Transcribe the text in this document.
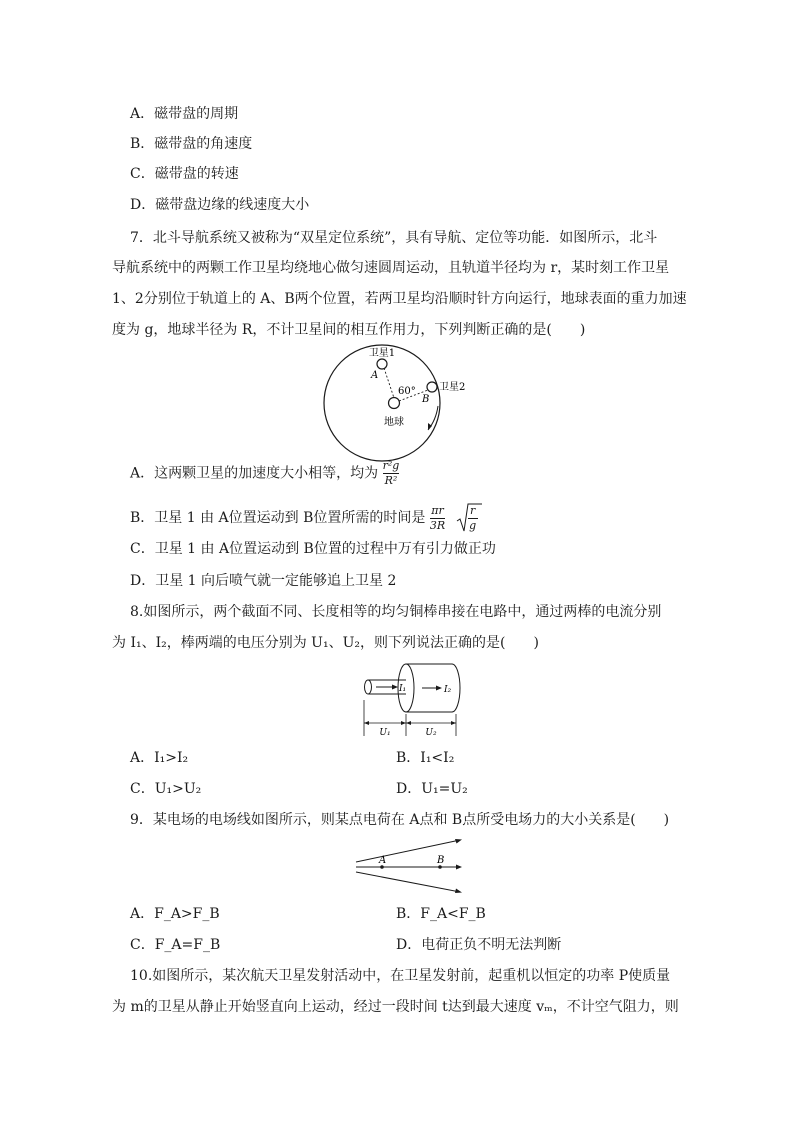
A．磁带盘的周期
B．磁带盘的角速度
C．磁带盘的转速
D．磁带盘边缘的线速度大小
7．北斗导航系统又被称为“双星定位系统”，具有导航、定位等功能．如图所示，北斗
导航系统中的两颗工作卫星均绕地心做匀速圆周运动，且轨道半径均为 r，某时刻工作卫星
1、2分别位于轨道上的 A、B两个位置，若两卫星均沿顺时针方向运行，地球表面的重力加速
度为 g，地球半径为 R，不计卫星间的相互作用力，下列判断正确的是(　　)
卫星1
卫星2
A
B
60°
地球
A．这两颗卫星的加速度大小相等，均为 $\frac{\text{r²g}}{\text{R²}}$
B．卫星 1 由 A位置运动到 B位置所需的时间是 $\frac{\pi r}{3R}$
r
g
C．卫星 1 由 A位置运动到 B位置的过程中万有引力做正功
D．卫星 1 向后喷气就一定能够追上卫星 2
8.如图所示，两个截面不同、长度相等的均匀铜棒串接在电路中，通过两棒的电流分别
为 I₁、I₂，棒两端的电压分别为 U₁、U₂，则下列说法正确的是(　　)
I₁	I₂
U₁	U₂
A．I₁>I₂	B．I₁<I₂
C．U₁>U₂	D．U₁=U₂
9．某电场的电场线如图所示，则某点电荷在 A点和 B点所受电场力的大小关系是(　　)
A	B
A．F_A>F_B	B．F_A<F_B
C．F_A=F_B	D．电荷正负不明无法判断
10.如图所示，某次航天卫星发射活动中，在卫星发射前，起重机以恒定的功率 P使质量
为 m的卫星从静止开始竖直向上运动，经过一段时间 t达到最大速度 vₘ，不计空气阻力，则
